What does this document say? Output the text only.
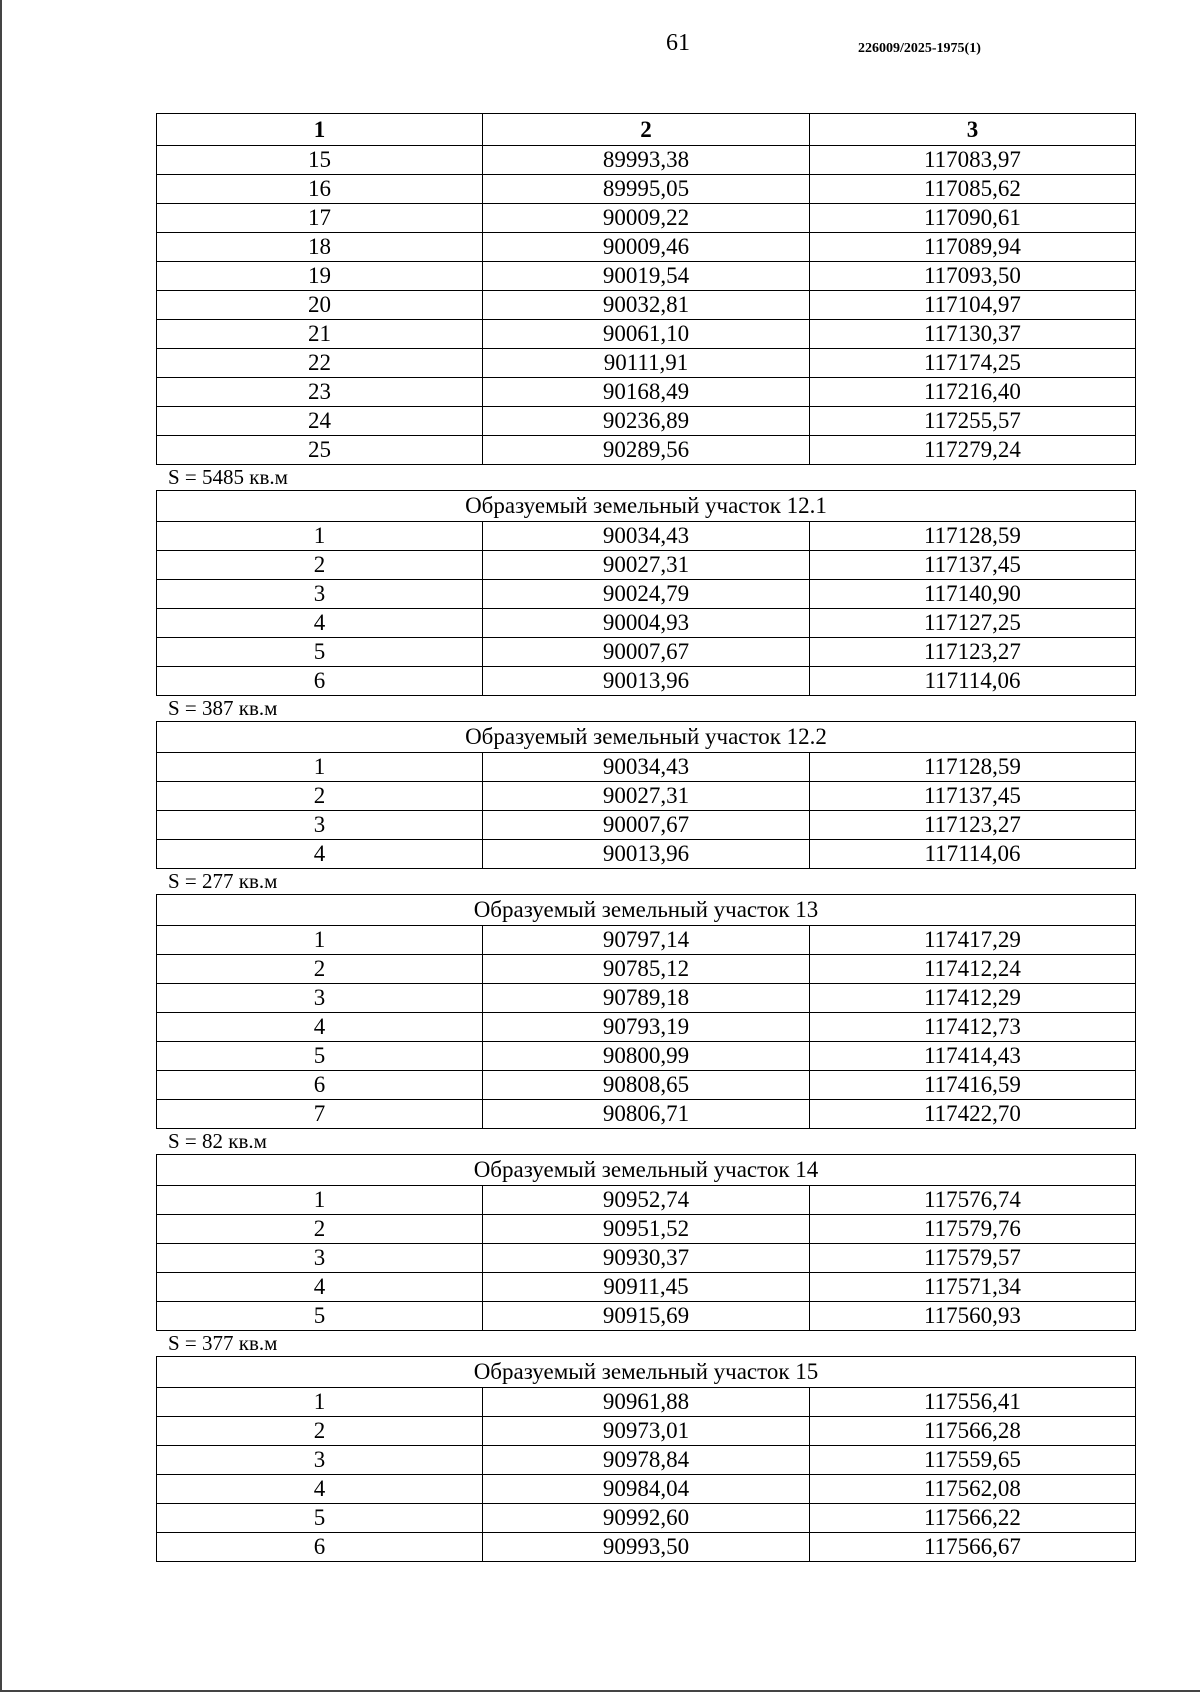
61	226009/2025-1975(1)
1	2	3
15	89993,38	117083,97
16	89995,05	117085,62
17	90009,22	117090,61
18	90009,46	117089,94
19	90019,54	117093,50
20	90032,81	117104,97
21	90061,10	117130,37
22	90111,91	117174,25
23	90168,49	117216,40
24	90236,89	117255,57
25	90289,56	117279,24
S = 5485 кв.м
Образуемый земельный участок 12.1		
1	90034,43	117128,59
2	90027,31	117137,45
3	90024,79	117140,90
4	90004,93	117127,25
5	90007,67	117123,27
6	90013,96	117114,06
S = 387 кв.м
Образуемый земельный участок 12.2		
1	90034,43	117128,59
2	90027,31	117137,45
3	90007,67	117123,27
4	90013,96	117114,06
S = 277 кв.м
Образуемый земельный участок 13		
1	90797,14	117417,29
2	90785,12	117412,24
3	90789,18	117412,29
4	90793,19	117412,73
5	90800,99	117414,43
6	90808,65	117416,59
7	90806,71	117422,70
S = 82 кв.м
Образуемый земельный участок 14		
1	90952,74	117576,74
2	90951,52	117579,76
3	90930,37	117579,57
4	90911,45	117571,34
5	90915,69	117560,93
S = 377 кв.м
Образуемый земельный участок 15		
1	90961,88	117556,41
2	90973,01	117566,28
3	90978,84	117559,65
4	90984,04	117562,08
5	90992,60	117566,22
6	90993,50	117566,67
